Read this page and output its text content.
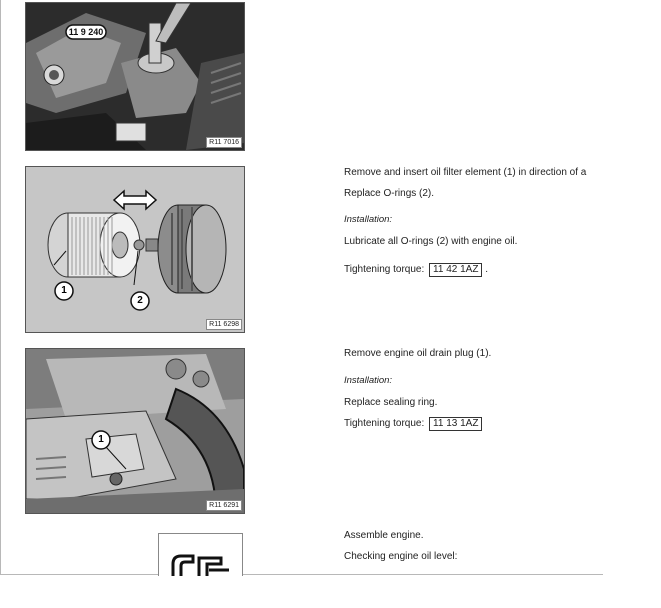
11 9 240
R11 7016
1
2
R11 6298
1
R11 6291
Remove and insert oil filter element (1) in direction of a
Replace O-rings (2).
Installation:
Lubricate all O-rings (2) with engine oil.
Tightening torque: 11 42 1AZ .
Remove engine oil drain plug (1).
Installation:
Replace sealing ring.
Tightening torque: 11 13 1AZ
Assemble engine.
Checking engine oil level:
